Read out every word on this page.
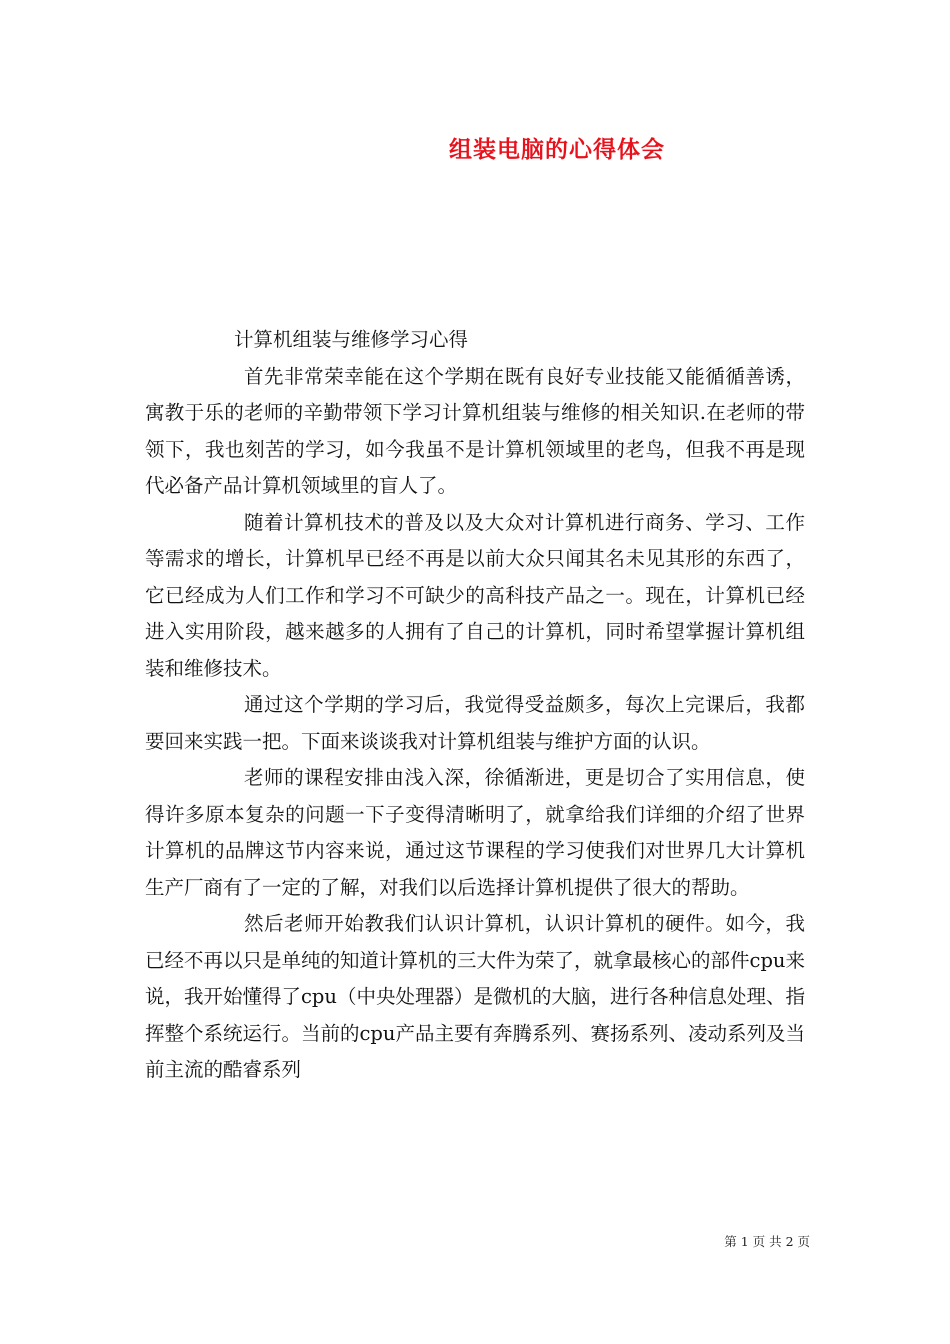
组装电脑的心得体会

计算机组装与维修学习心得

首先非常荣幸能在这个学期在既有良好专业技能又能循循善诱，寓教于乐的老师的辛勤带领下学习计算机组装与维修的相关知识.在老师的带领下，我也刻苦的学习，如今我虽不是计算机领域里的老鸟，但我不再是现代必备产品计算机领域里的盲人了。

随着计算机技术的普及以及大众对计算机进行商务、学习、工作等需求的增长，计算机早已经不再是以前大众只闻其名未见其形的东西了，它已经成为人们工作和学习不可缺少的高科技产品之一。现在，计算机已经进入实用阶段，越来越多的人拥有了自己的计算机，同时希望掌握计算机组装和维修技术。

通过这个学期的学习后，我觉得受益颇多，每次上完课后，我都要回来实践一把。下面来谈谈我对计算机组装与维护方面的认识。

老师的课程安排由浅入深，徐循渐进，更是切合了实用信息，使得许多原本复杂的问题一下子变得清晰明了，就拿给我们详细的介绍了世界计算机的品牌这节内容来说，通过这节课程的学习使我们对世界几大计算机生产厂商有了一定的了解，对我们以后选择计算机提供了很大的帮助。

然后老师开始教我们认识计算机，认识计算机的硬件。如今，我已经不再以只是单纯的知道计算机的三大件为荣了，就拿最核心的部件cpu来说，我开始懂得了cpu（中央处理器）是微机的大脑，进行各种信息处理、指挥整个系统运行。当前的cpu产品主要有奔腾系列、赛扬系列、凌动系列及当前主流的酷睿系列

第 1 页 共 2 页
